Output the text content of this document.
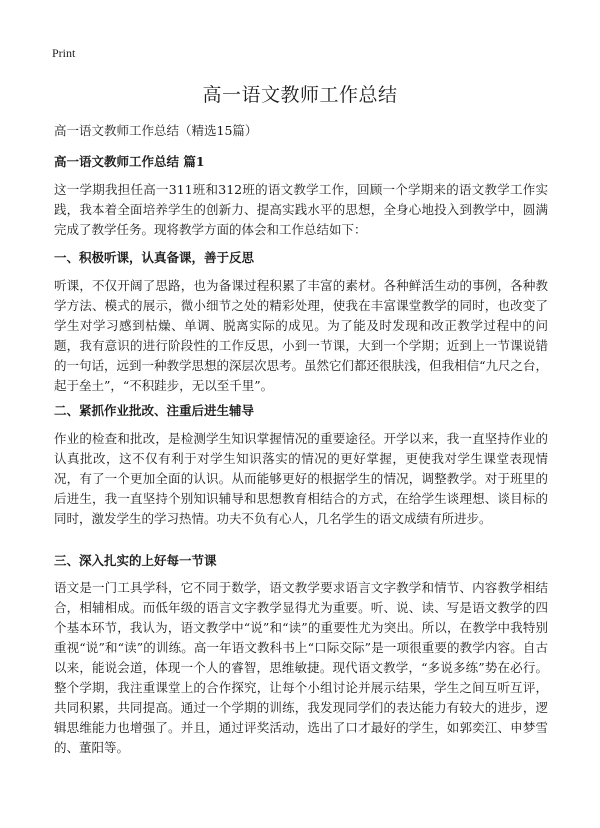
Print
高一语文教师工作总结

高一语文教师工作总结（精选15篇）

高一语文教师工作总结 篇1

这一学期我担任高一311班和312班的语文教学工作，回顾一个学期来的语文教学工作实践，我本着全面培养学生的创新力、提高实践水平的思想，全身心地投入到教学中，圆满完成了教学任务。现将教学方面的体会和工作总结如下：

一、积极听课，认真备课，善于反思

听课，不仅开阔了思路，也为备课过程积累了丰富的素材。各种鲜活生动的事例，各种教学方法、模式的展示，微小细节之处的精彩处理，使我在丰富课堂教学的同时，也改变了学生对学习感到枯燥、单调、脱离实际的成见。为了能及时发现和改正教学过程中的问题，我有意识的进行阶段性的工作反思，小到一节课，大到一个学期；近到上一节课说错的一句话，远到一种教学思想的深层次思考。虽然它们都还很肤浅，但我相信“九尺之台，起于垒土”，“不积跬步，无以至千里”。

二、紧抓作业批改、注重后进生辅导

作业的检查和批改，是检测学生知识掌握情况的重要途径。开学以来，我一直坚持作业的认真批改，这不仅有利于对学生知识落实的情况的更好掌握，更使我对学生课堂表现情况，有了一个更加全面的认识。从而能够更好的根据学生的情况，调整教学。对于班里的后进生，我一直坚持个别知识辅导和思想教育相结合的方式，在给学生谈理想、谈目标的同时，激发学生的学习热情。功夫不负有心人，几名学生的语文成绩有所进步。

三、深入扎实的上好每一节课

语文是一门工具学科，它不同于数学，语文教学要求语言文字教学和情节、内容教学相结合，相辅相成。而低年级的语言文字教学显得尤为重要。听、说、读、写是语文教学的四个基本环节，我认为，语文教学中“说”和“读”的重要性尤为突出。所以，在教学中我特别重视“说”和“读”的训练。高一年语文教科书上“口际交际”是一项很重要的教学内容。自古以来，能说会道，体现一个人的睿智，思维敏捷。现代语文教学，“多说多练”势在必行。整个学期，我注重课堂上的合作探究，让每个小组讨论并展示结果，学生之间互听互评，共同积累，共同提高。通过一个学期的训练，我发现同学们的表达能力有较大的进步，逻辑思维能力也增强了。并且，通过评奖活动，选出了口才最好的学生，如郭奕江、申梦雪的、董阳等。
